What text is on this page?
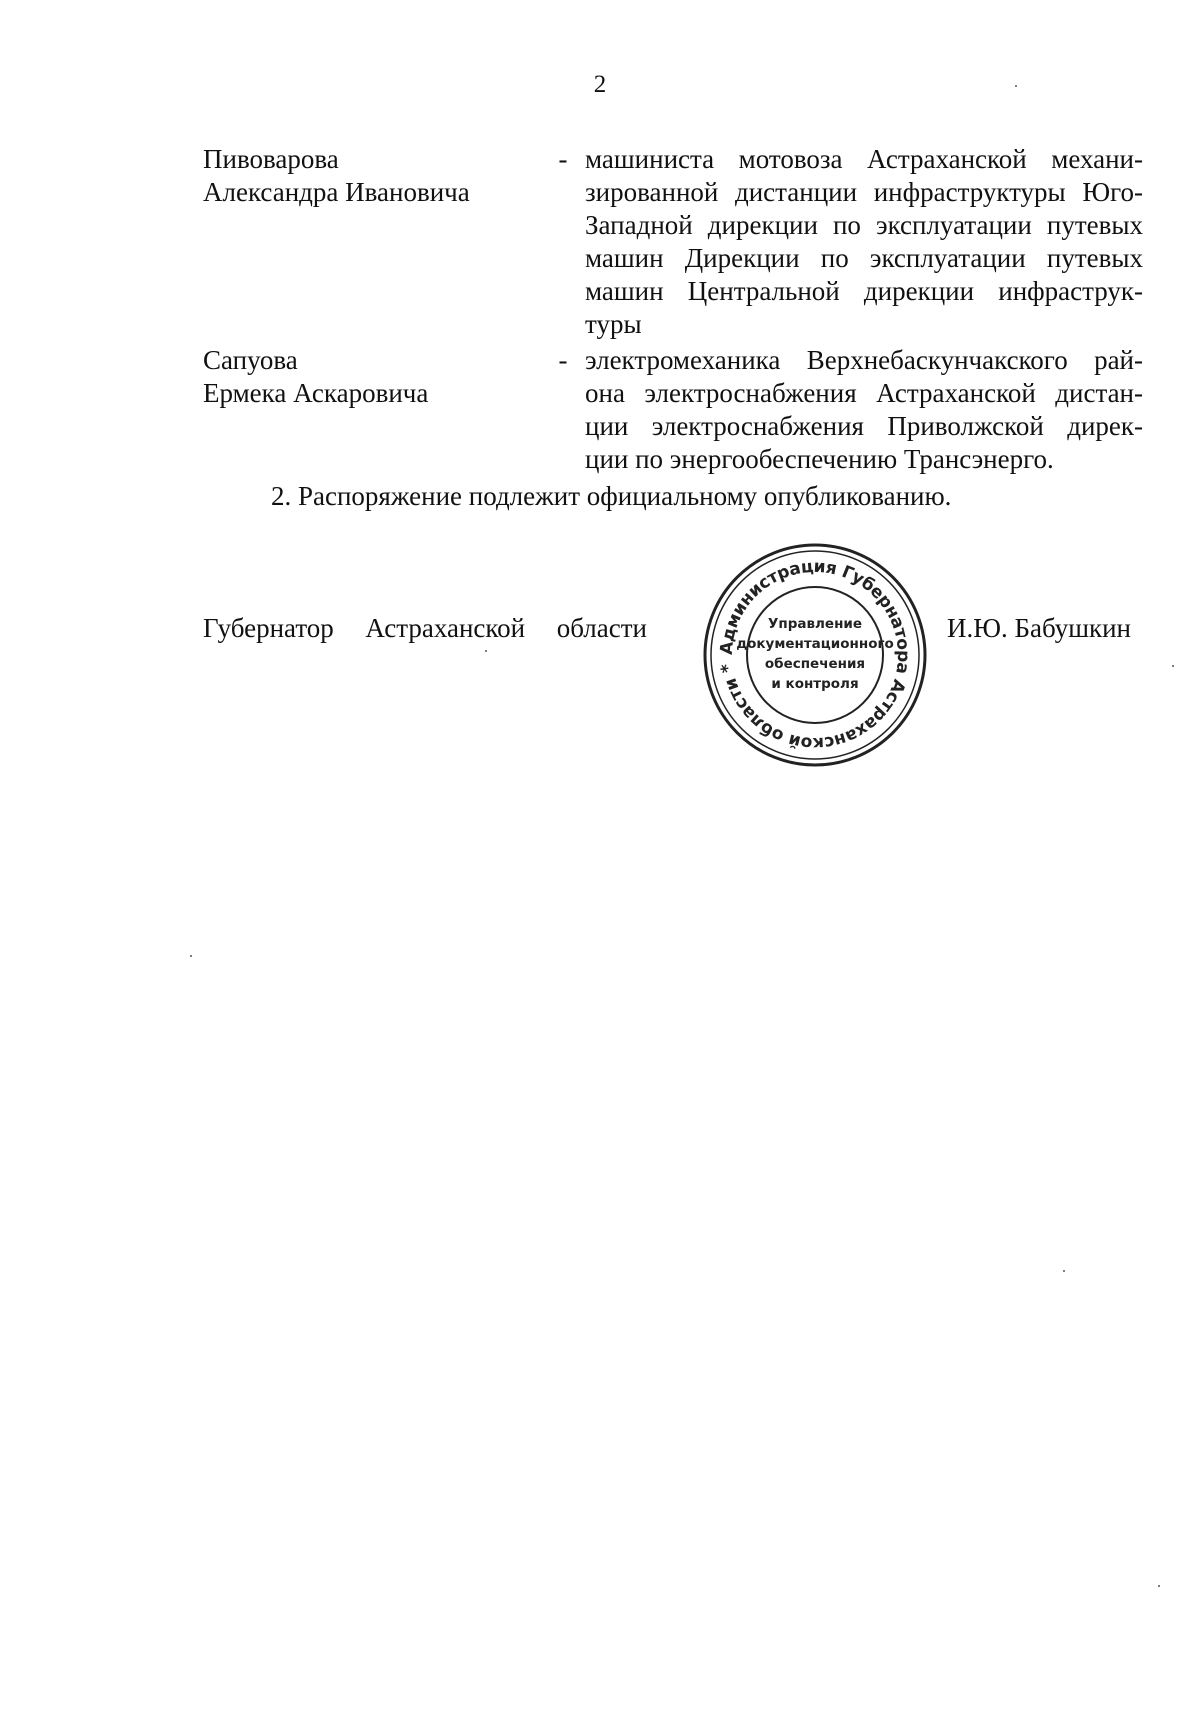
2
Пивоварова
Александра Ивановича
- машиниста мотовоза Астраханской механи-
зированной дистанции инфраструктуры Юго-
Западной дирекции по эксплуатации путевых
машин Дирекции по эксплуатации путевых
машин Центральной дирекции инфраструк-
туры
Сапуова
Ермека Аскаровича
- электромеханика Верхнебаскунчакского рай-
она электроснабжения Астраханской дистан-
ции электроснабжения Приволжской дирек-
ции по энергообеспечению Трансэнерго.
2. Распоряжение подлежит официальному опубликованию.
Губернатор Астраханской области
Администрация Губернатора Астраханской области *
Управление
документационного
обеспечения
и контроля
И.Ю. Бабушкин
